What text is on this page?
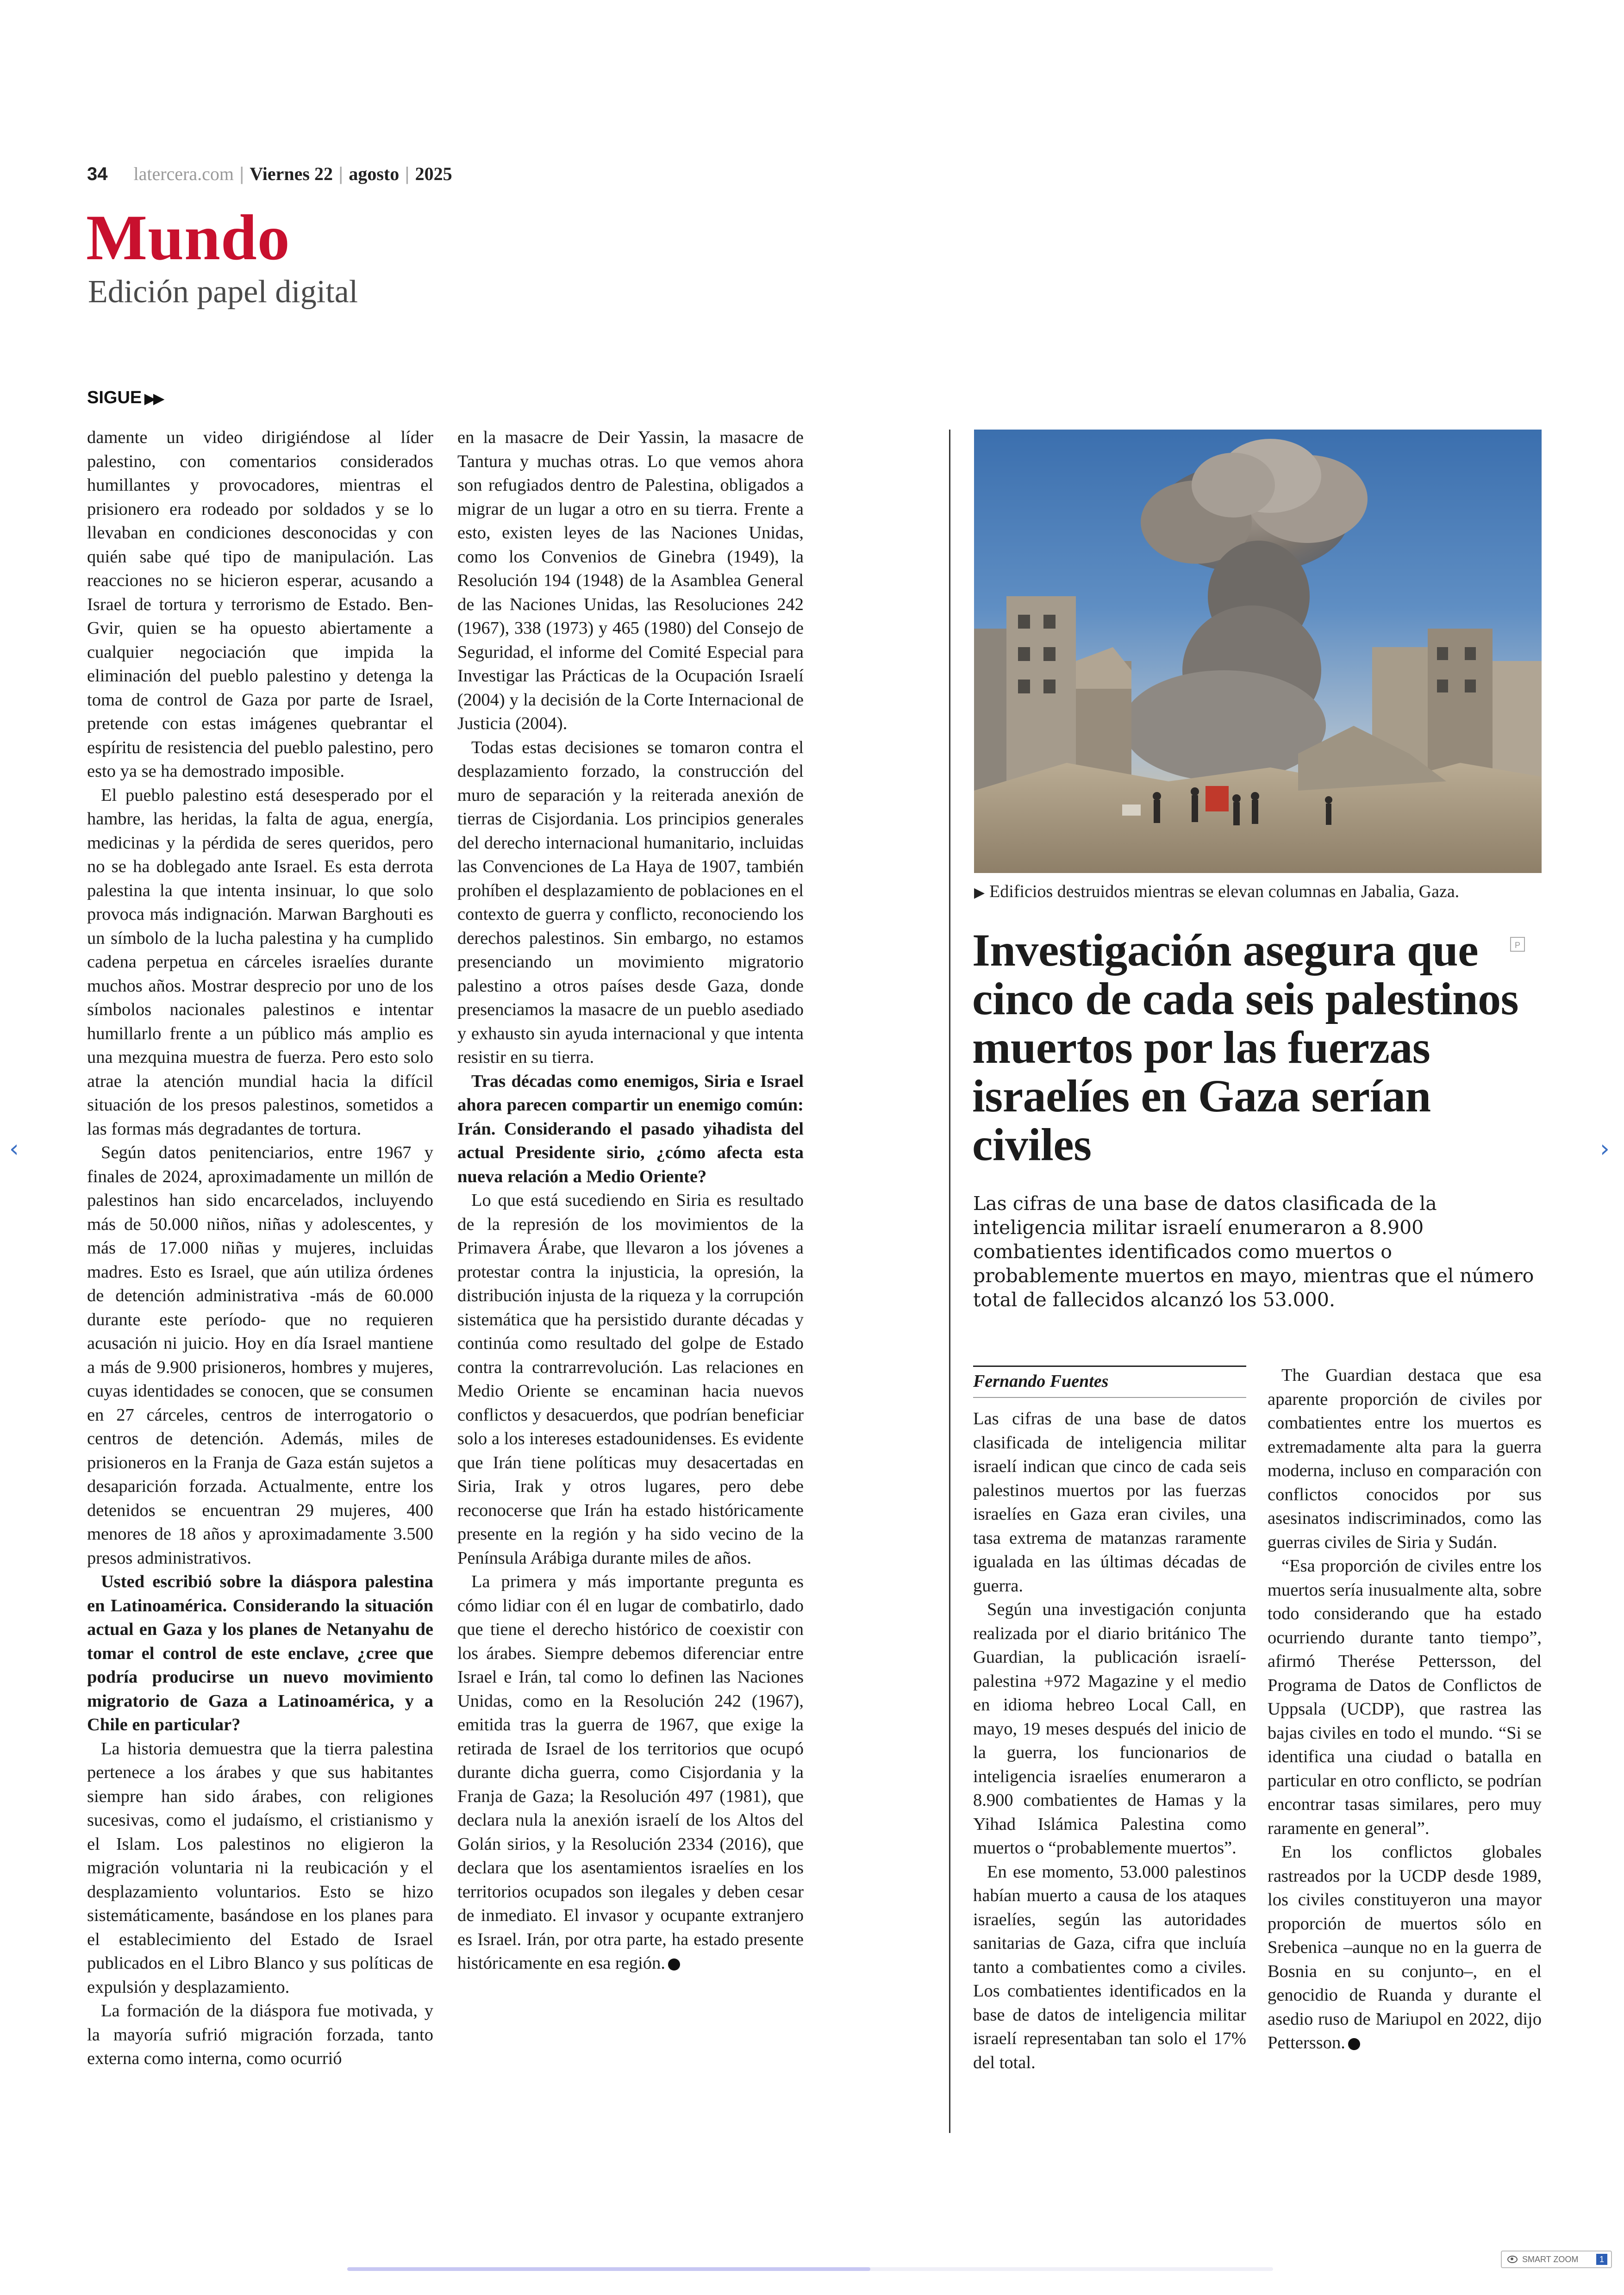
34 latercera.com | Viernes 22 | agosto | 2025
Mundo
Edición papel digital
SIGUE ▶▶

damente un video dirigiéndose al líder palestino, con comentarios considerados humillantes y provocadores, mientras el prisionero era rodeado por soldados y se lo llevaban en condiciones desconocidas y con quién sabe qué tipo de manipulación. Las reacciones no se hicieron esperar, acusando a Israel de tortura y terrorismo de Estado. Ben-Gvir, quien se ha opuesto abiertamente a cualquier negociación que impida la eliminación del pueblo palestino y detenga la toma de control de Gaza por parte de Israel, pretende con estas imágenes quebrantar el espíritu de resistencia del pueblo palestino, pero esto ya se ha demostrado imposible.

El pueblo palestino está desesperado por el hambre, las heridas, la falta de agua, energía, medicinas y la pérdida de seres queridos, pero no se ha doblegado ante Israel. Es esta derrota palestina la que intenta insinuar, lo que solo provoca más indignación. Marwan Barghouti es un símbolo de la lucha palestina y ha cumplido cadena perpetua en cárceles israelíes durante muchos años. Mostrar desprecio por uno de los símbolos nacionales palestinos e intentar humillarlo frente a un público más amplio es una mezquina muestra de fuerza. Pero esto solo atrae la atención mundial hacia la difícil situación de los presos palestinos, sometidos a las formas más degradantes de tortura.

Según datos penitenciarios, entre 1967 y finales de 2024, aproximadamente un millón de palestinos han sido encarcelados, incluyendo más de 50.000 niños, niñas y adolescentes, y más de 17.000 niñas y mujeres, incluidas madres. Esto es Israel, que aún utiliza órdenes de detención administrativa -más de 60.000 durante este período- que no requieren acusación ni juicio. Hoy en día Israel mantiene a más de 9.900 prisioneros, hombres y mujeres, cuyas identidades se conocen, que se consumen en 27 cárceles, centros de interrogatorio o centros de detención. Además, miles de prisioneros en la Franja de Gaza están sujetos a desaparición forzada. Actualmente, entre los detenidos se encuentran 29 mujeres, 400 menores de 18 años y aproximadamente 3.500 presos administrativos.

Usted escribió sobre la diáspora palestina en Latinoamérica. Considerando la situación actual en Gaza y los planes de Netanyahu de tomar el control de este enclave, ¿cree que podría producirse un nuevo movimiento migratorio de Gaza a Latinoamérica, y a Chile en particular?

La historia demuestra que la tierra palestina pertenece a los árabes y que sus habitantes siempre han sido árabes, con religiones sucesivas, como el judaísmo, el cristianismo y el Islam. Los palestinos no eligieron la migración voluntaria ni la reubicación y el desplazamiento voluntarios. Esto se hizo sistemáticamente, basándose en los planes para el establecimiento del Estado de Israel publicados en el Libro Blanco y sus políticas de expulsión y desplazamiento.

La formación de la diáspora fue motivada, y la mayoría sufrió migración forzada, tanto externa como interna, como ocurrió

en la masacre de Deir Yassin, la masacre de Tantura y muchas otras. Lo que vemos ahora son refugiados dentro de Palestina, obligados a migrar de un lugar a otro en su tierra. Frente a esto, existen leyes de las Naciones Unidas, como los Convenios de Ginebra (1949), la Resolución 194 (1948) de la Asamblea General de las Naciones Unidas, las Resoluciones 242 (1967), 338 (1973) y 465 (1980) del Consejo de Seguridad, el informe del Comité Especial para Investigar las Prácticas de la Ocupación Israelí (2004) y la decisión de la Corte Internacional de Justicia (2004).

Todas estas decisiones se tomaron contra el desplazamiento forzado, la construcción del muro de separación y la reiterada anexión de tierras de Cisjordania. Los principios generales del derecho internacional humanitario, incluidas las Convenciones de La Haya de 1907, también prohíben el desplazamiento de poblaciones en el contexto de guerra y conflicto, reconociendo los derechos palestinos. Sin embargo, no estamos presenciando un movimiento migratorio palestino a otros países desde Gaza, donde presenciamos la masacre de un pueblo asediado y exhausto sin ayuda internacional y que intenta resistir en su tierra.

Tras décadas como enemigos, Siria e Israel ahora parecen compartir un enemigo común: Irán. Considerando el pasado yihadista del actual Presidente sirio, ¿cómo afecta esta nueva relación a Medio Oriente?

Lo que está sucediendo en Siria es resultado de la represión de los movimientos de la Primavera Árabe, que llevaron a los jóvenes a protestar contra la injusticia, la opresión, la distribución injusta de la riqueza y la corrupción sistemática que ha persistido durante décadas y continúa como resultado del golpe de Estado contra la contrarrevolución. Las relaciones en Medio Oriente se encaminan hacia nuevos conflictos y desacuerdos, que podrían beneficiar solo a los intereses estadounidenses. Es evidente que Irán tiene políticas muy desacertadas en Siria, Irak y otros lugares, pero debe reconocerse que Irán ha estado históricamente presente en la región y ha sido vecino de la Península Arábiga durante miles de años.

La primera y más importante pregunta es cómo lidiar con él en lugar de combatirlo, dado que tiene el derecho histórico de coexistir con los árabes. Siempre debemos diferenciar entre Israel e Irán, tal como lo definen las Naciones Unidas, como en la Resolución 242 (1967), emitida tras la guerra de 1967, que exige la retirada de Israel de los territorios que ocupó durante dicha guerra, como Cisjordania y la Franja de Gaza; la Resolución 497 (1981), que declara nula la anexión israelí de los Altos del Golán sirios, y la Resolución 2334 (2016), que declara que los asentamientos israelíes en los territorios ocupados son ilegales y deben cesar de inmediato. El invasor y ocupante extranjero es Israel. Irán, por otra parte, ha estado presente históricamente en esa región.

▶ Edificios destruidos mientras se elevan columnas en Jabalia, Gaza.
P
Investigación asegura que cinco de cada seis palestinos muertos por las fuerzas israelíes en Gaza serían civiles
Las cifras de una base de datos clasificada de la inteligencia militar israelí enumeraron a 8.900 combatientes identificados como muertos o probablemente muertos en mayo, mientras que el número total de fallecidos alcanzó los 53.000.
Fernando Fuentes

Las cifras de una base de datos clasificada de inteligencia militar israelí indican que cinco de cada seis palestinos muertos por las fuerzas israelíes en Gaza eran civiles, una tasa extrema de matanzas raramente igualada en las últimas décadas de guerra.

Según una investigación conjunta realizada por el diario británico The Guardian, la publicación israelí-palestina +972 Magazine y el medio en idioma hebreo Local Call, en mayo, 19 meses después del inicio de la guerra, los funcionarios de inteligencia israelíes enumeraron a 8.900 combatientes de Hamas y la Yihad Islámica Palestina como muertos o “probablemente muertos”.

En ese momento, 53.000 palestinos habían muerto a causa de los ataques israelíes, según las autoridades sanitarias de Gaza, cifra que incluía tanto a combatientes como a civiles. Los combatientes identificados en la base de datos de inteligencia militar israelí representaban tan solo el 17% del total.

The Guardian destaca que esa aparente proporción de civiles por combatientes entre los muertos es extremadamente alta para la guerra moderna, incluso en comparación con conflictos conocidos por sus asesinatos indiscriminados, como las guerras civiles de Siria y Sudán.

“Esa proporción de civiles entre los muertos sería inusualmente alta, sobre todo considerando que ha estado ocurriendo durante tanto tiempo”, afirmó Therése Pettersson, del Programa de Datos de Conflictos de Uppsala (UCDP), que rastrea las bajas civiles en todo el mundo. “Si se identifica una ciudad o batalla en particular en otro conflicto, se podrían encontrar tasas similares, pero muy raramente en general”.

En los conflictos globales rastreados por la UCDP desde 1989, los civiles constituyeron una mayor proporción de muertos sólo en Srebenica –aunque no en la guerra de Bosnia en su conjunto–, en el genocidio de Ruanda y durante el asedio ruso de Mariupol en 2022, dijo Pettersson.

‹	›
SMART ZOOM	1
